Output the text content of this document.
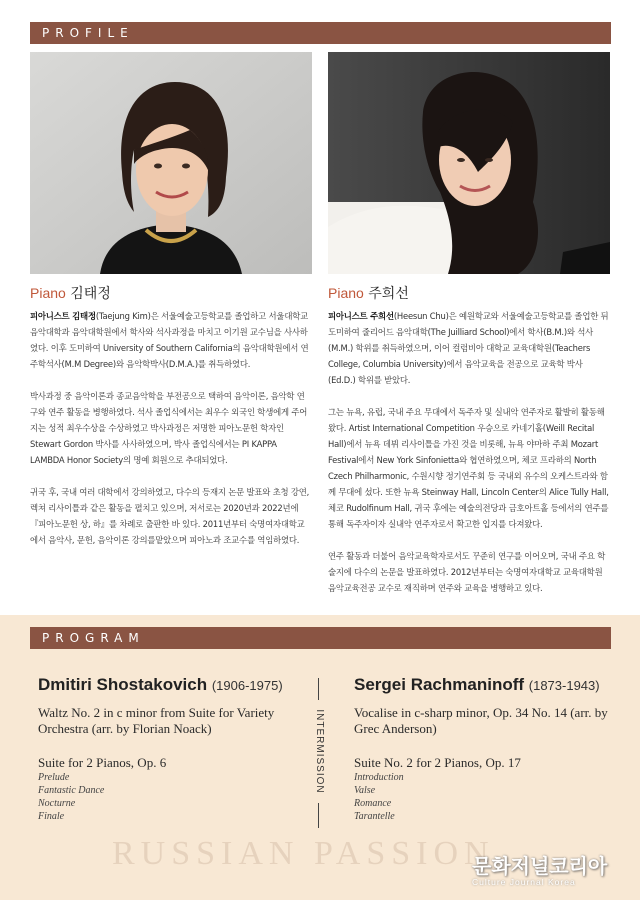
PROFILE
Piano 김태정	Piano 주희선

피아니스트 김태정(Taejung Kim)은 서울예술고등학교를 졸업하고 서울대학교 음악대학과 음악대학원에서 학사와 석사과정을 마치고 이기원 교수님을 사사하였다. 이후 도미하여 University of Southern California의 음악대학원에서 연주학석사(M.M Degree)와 음악학박사(D.M.A.)를 취득하였다.

박사과정 중 음악이론과 종교음악학을 부전공으로 택하여 음악이론, 음악학 연구와 연주 활동을 병행하였다. 석사 졸업식에서는 최우수 외국인 학생에게 주어지는 성적 최우수상을 수상하였고 박사과정은 저명한 피아노문헌 학자인 Stewart Gordon 박사를 사사하였으며, 박사 졸업식에서는 PI KAPPA LAMBDA Honor Society의 명예 회원으로 추대되었다.

귀국 후, 국내 여러 대학에서 강의하였고, 다수의 등재지 논문 발표와 초청 강연, 렉쳐 리사이틀과 같은 활동을 펼치고 있으며, 저서로는 2020년과 2022년에 『피아노문헌 상, 하』를 차례로 출판한 바 있다. 2011년부터 숙명여자대학교에서 음악사, 문헌, 음악이론 강의를맡았으며 피아노과 조교수를 역임하였다.

피아니스트 주희선(Heesun Chu)은 예원학교와 서울예술고등학교를 졸업한 뒤 도미하여 줄리어드 음악대학(The Juilliard School)에서 학사(B.M.)와 석사(M.M.) 학위를 취득하였으며, 이어 컬럼비아 대학교 교육대학원(Teachers College, Columbia University)에서 음악교육을 전공으로 교육학 박사(Ed.D.) 학위를 받았다.

그는 뉴욕, 유럽, 국내 주요 무대에서 독주자 및 실내악 연주자로 활발히 활동해왔다. Artist International Competition 우승으로 카네기홀(Weill Recital Hall)에서 뉴욕 데뷔 리사이틀을 가진 것을 비롯해, 뉴욕 야마하 주최 Mozart Festival에서 New York Sinfonietta와 협연하였으며, 체코 프라하의 North Czech Philharmonic, 수원시향 정기연주회 등 국내외 유수의 오케스트라와 함께 무대에 섰다. 또한 뉴욕 Steinway Hall, Lincoln Center의 Alice Tully Hall, 체코 Rudolfinum Hall, 귀국 후에는 예술의전당과 금호아트홀 등에서의 연주를 통해 독주자이자 실내악 연주자로서 확고한 입지를 다져왔다.

연주 활동과 더불어 음악교육학자로서도 꾸준히 연구를 이어오며, 국내 주요 학술지에 다수의 논문을 발표하였다. 2012년부터는 숙명여자대학교 교육대학원 음악교육전공 교수로 재직하며 연주와 교육을 병행하고 있다.

PROGRAM
Dmitiri Shostakovich (1906-1975)
Waltz No. 2 in c minor from Suite for Variety Orchestra (arr. by Florian Noack)
Suite for 2 Pianos, Op. 6
Prelude
Fantastic Dance
Nocturne
Finale
Sergei Rachmaninoff (1873-1943)
Vocalise in c-sharp minor, Op. 34 No. 14 (arr. by Grec Anderson)
Suite No. 2 for 2 Pianos, Op. 17
Introduction
Valse
Romance
Tarantelle
INTERMISSION
RUSSIAN PASSION
문화저널코리아
Culture Journal Korea
